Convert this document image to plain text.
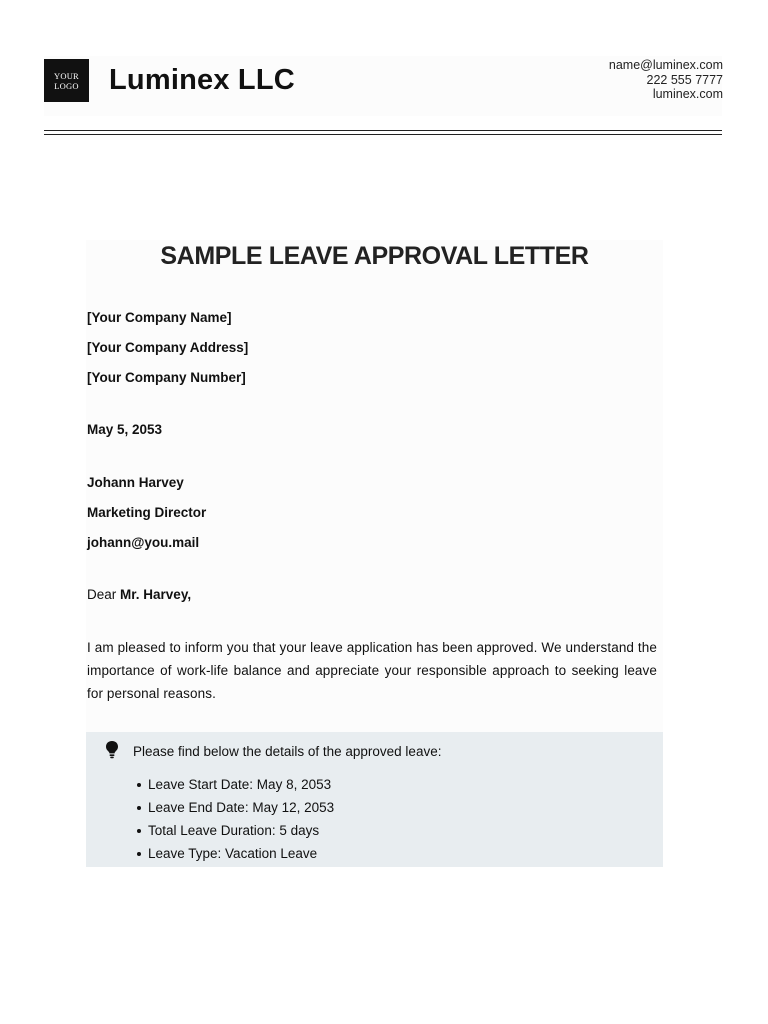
YOUR
LOGO Luminex LLC	name@luminex.com
222 555 7777
luminex.com
SAMPLE LEAVE APPROVAL LETTER
[Your Company Name]
[Your Company Address]
[Your Company Number]
May 5, 2053
Johann Harvey
Marketing Director
johann@you.mail
Dear Mr. Harvey,
I am pleased to inform you that your leave application has been approved. We understand the importance of work-life balance and appreciate your responsible approach to seeking leave for personal reasons.
Please find below the details of the approved leave:
Leave Start Date: May 8, 2053
Leave End Date: May 12, 2053
Total Leave Duration: 5 days
Leave Type: Vacation Leave
